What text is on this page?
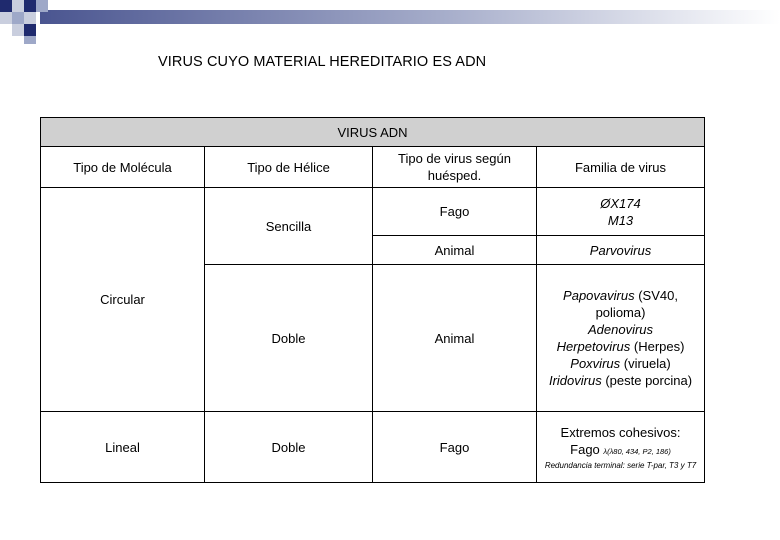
VIRUS CUYO MATERIAL HEREDITARIO ES ADN
VIRUS ADN			
Tipo de Molécula	Tipo de Hélice	Tipo de virus según huésped.	Familia de virus
Circular	Sencilla	Fago	ØX174
M13

		Animal	Parvovirus
	Doble	Animal	Papovavirus (SV40, polioma)
Adenovirus
Herpetovirus (Herpes)
Poxvirus (viruela)
Iridovirus (peste porcina)

Lineal	Doble	Fago	Extremos cohesivos:
Fago λ(λ80, 434, P2, 186)
Redundancia terminal: serie T-par, T3 y T7
